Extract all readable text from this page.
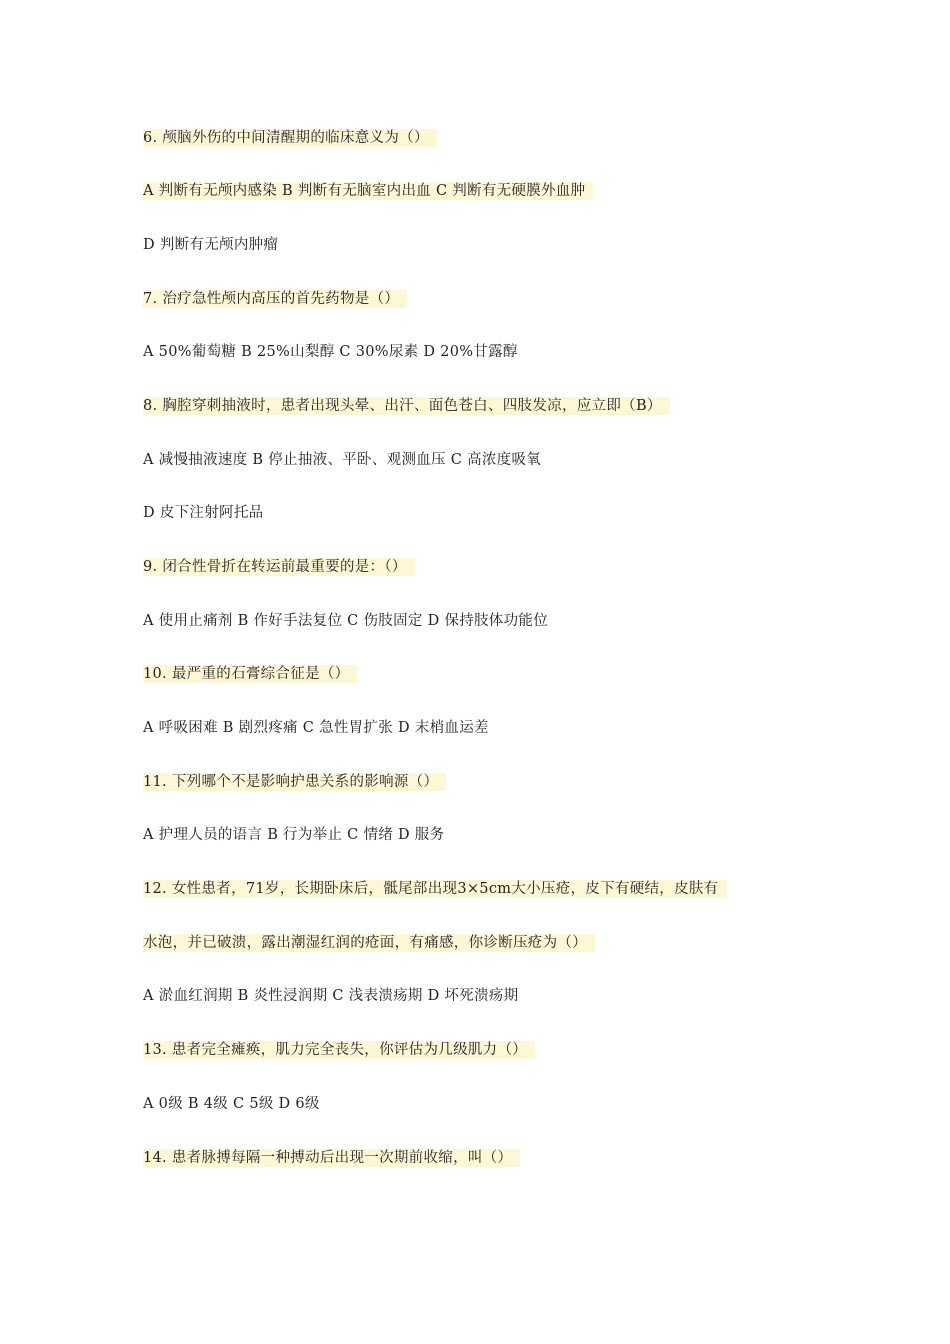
6. 颅脑外伤的中间清醒期的临床意义为（）
A 判断有无颅内感染 B 判断有无脑室内出血 C 判断有无硬膜外血肿
D 判断有无颅内肿瘤
7. 治疗急性颅内高压的首先药物是（）
A 50%葡萄糖 B 25%山梨醇 C 30%尿素 D 20%甘露醇
8. 胸腔穿刺抽液时，患者出现头晕、出汗、面色苍白、四肢发凉，应立即（B）
A 减慢抽液速度 B 停止抽液、平卧、观测血压 C 高浓度吸氧
D 皮下注射阿托品
9. 闭合性骨折在转运前最重要的是：（）
A 使用止痛剂 B 作好手法复位 C 伤肢固定 D 保持肢体功能位
10. 最严重的石膏综合征是（）
A 呼吸困难 B 剧烈疼痛 C 急性胃扩张 D 末梢血运差
11. 下列哪个不是影响护患关系的影响源（）
A 护理人员的语言 B 行为举止 C 情绪 D 服务
12. 女性患者，71岁，长期卧床后，骶尾部出现3×5cm大小压疮，皮下有硬结，皮肤有
水泡，并已破溃，露出潮湿红润的疮面，有痛感，你诊断压疮为（）
A 淤血红润期 B 炎性浸润期 C 浅表溃疡期 D 坏死溃疡期
13. 患者完全瘫痪，肌力完全丧失，你评估为几级肌力（）
A 0级 B 4级 C 5级 D 6级
14. 患者脉搏每隔一种搏动后出现一次期前收缩，叫（）
